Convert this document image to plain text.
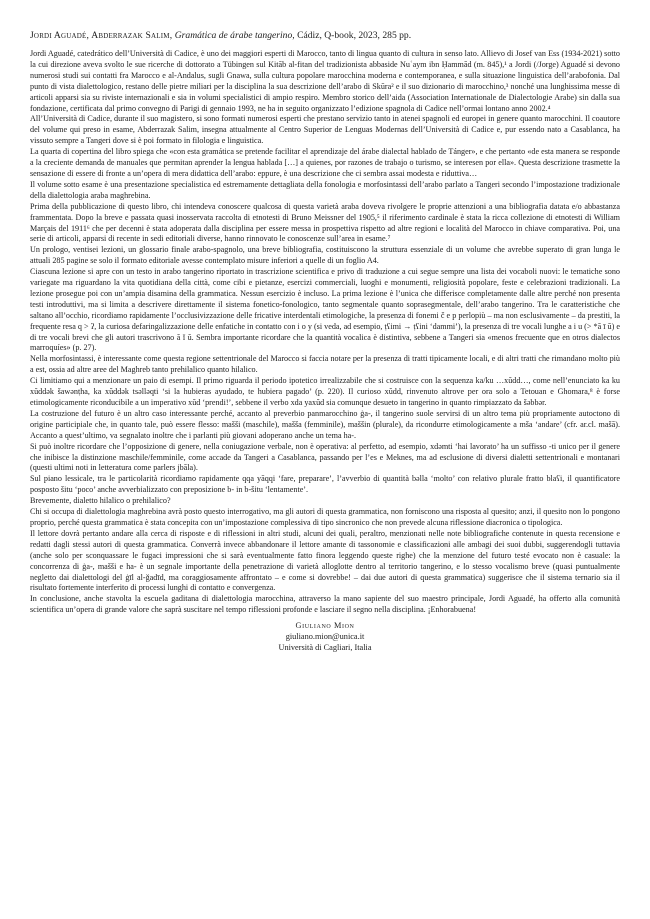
Jordi Aguadé, Abderrazak Salim, Gramática de árabe tangerino, Cádiz, Q-book, 2023, 285 pp.

Jordi Aguadé, catedrático dell’Università di Cadice, è uno dei maggiori esperti di Marocco, tanto di lingua quanto di cultura in senso lato. Allievo di Josef van Ess (1934-2021) sotto la cui direzione aveva svolto le sue ricerche di dottorato a Tübingen sul Kitāb al-fitan del tradizionista abbaside Nuʿaym ibn Ḥammād (m. 845),¹ a Jordi (/Jorge) Aguadé si devono numerosi studi sui contatti fra Marocco e al-Andalus, sugli Gnawa, sulla cultura popolare marocchina moderna e contemporanea, e sulla situazione linguistica dell’arabofonia. Dal punto di vista dialettologico, restano delle pietre miliari per la disciplina la sua descrizione dell’arabo di Skūra² e il suo dizionario di marocchino,³ nonché una lunghissima messe di articoli apparsi sia su riviste internazionali e sia in volumi specialistici di ampio respiro. Membro storico dell’aida (Association Internationale de Dialectologie Arabe) sin dalla sua fondazione, certificata dal primo convegno di Parigi di gennaio 1993, ne ha in seguito organizzato l’edizione spagnola di Cadice nell’ormai lontano anno 2002.⁴

All’Università di Cadice, durante il suo magistero, si sono formati numerosi esperti che prestano servizio tanto in atenei spagnoli ed europei in genere quanto marocchini. Il coautore del volume qui preso in esame, Abderrazak Salim, insegna attualmente al Centro Superior de Lenguas Modernas dell’Università di Cadice e, pur essendo nato a Casablanca, ha vissuto sempre a Tangeri dove si è poi formato in filologia e linguistica.

La quarta di copertina del libro spiega che «con esta gramática se pretende facilitar el aprendizaje del árabe dialectal hablado de Tánger», e che pertanto «de esta manera se responde a la creciente demanda de manuales que permitan aprender la lengua hablada […] a quienes, por razones de trabajo o turismo, se interesen por ella». Questa descrizione trasmette la sensazione di essere di fronte a un’opera di mera didattica dell’arabo: eppure, è una descrizione che ci sembra assai modesta e riduttiva…

Il volume sotto esame è una presentazione specialistica ed estremamente dettagliata della fonologia e morfosintassi dell’arabo parlato a Tangeri secondo l’impostazione tradizionale della dialettologia araba maghrebina.

Prima della pubblicazione di questo libro, chi intendeva conoscere qualcosa di questa varietà araba doveva rivolgere le proprie attenzioni a una bibliografia datata e/o abbastanza frammentata. Dopo la breve e passata quasi inosservata raccolta di etnotesti di Bruno Meissner del 1905,⁵ il riferimento cardinale è stata la ricca collezione di etnotesti di William Marçais del 1911⁶ che per decenni è stata adoperata dalla disciplina per essere messa in prospettiva rispetto ad altre regioni e località del Marocco in chiave comparativa. Poi, una serie di articoli, apparsi di recente in sedi editoriali diverse, hanno rinnovato le conoscenze sull’area in esame.⁷

Un prologo, ventisei lezioni, un glossario finale arabo-spagnolo, una breve bibliografia, costituiscono la struttura essenziale di un volume che avrebbe superato di gran lunga le attuali 285 pagine se solo il formato editoriale avesse contemplato misure inferiori a quelle di un foglio A4.

Ciascuna lezione si apre con un testo in arabo tangerino riportato in trascrizione scientifica e privo di traduzione a cui segue sempre una lista dei vocaboli nuovi: le tematiche sono variegate ma riguardano la vita quotidiana della città, come cibi e pietanze, esercizi commerciali, luoghi e monumenti, religiosità popolare, feste e celebrazioni tradizionali. La lezione prosegue poi con un’ampia disamina della grammatica. Nessun esercizio è incluso. La prima lezione è l’unica che differisce completamente dalle altre perché non presenta testi introduttivi, ma si limita a descrivere direttamente il sistema fonetico-fonologico, tanto segmentale quanto soprasegmentale, dell’arabo tangerino. Tra le caratteristiche che saltano all’occhio, ricordiamo rapidamente l’occlusivizzazione delle fricative interdentali etimologiche, la presenza di fonemi č e p perlopiù – ma non esclusivamente – da prestiti, la frequente resa q > ʔ, la curiosa defaringalizzazione delle enfatiche in contatto con i o y (si veda, ad esempio, ṭʕimi → ṭʕini ‘dammi’), la presenza di tre vocali lunghe a i u (> *ā ī ū) e di tre vocali brevi che gli autori trascrivono ă ĭ ŭ. Sembra importante ricordare che la quantità vocalica è distintiva, sebbene a Tangeri sia «menos frecuente que en otros dialectos marroquíes» (p. 27).

Nella morfosintassi, è interessante come questa regione settentrionale del Marocco si faccia notare per la presenza di tratti tipicamente locali, e di altri tratti che rimandano molto più a est, ossia ad altre aree del Maghreb tanto prehilalico quanto hilalico.

Ci limitiamo qui a menzionare un paio di esempi. Il primo riguarda il periodo ipotetico irrealizzabile che si costruisce con la sequenza ka/ku …xŭdd…, come nell’enunciato ka ku xŭddǝk šawǝnṭha, ka xŭddǝk tsǝllǝqti ‘si la hubieras ayudado, te hubiera pagado’ (p. 220). Il curioso xŭdd, rinvenuto altrove per ora solo a Tetouan e Ghomara,⁸ è forse etimologicamente riconducibile a un imperativo xŭd ‘prendi!’, sebbene il verbo xda yaxŭd sia comunque desueto in tangerino in quanto rimpiazzato da šǝbbǝr.

La costruzione del futuro è un altro caso interessante perché, accanto al preverbio panmarocchino ġa-, il tangerino suole servirsi di un altro tema più propriamente autoctono di origine participiale che, in quanto tale, può essere flesso: mašši (maschile), mašša (femminile), maššin (plurale), da ricondurre etimologicamente a mša ‘andare’ (cfr. ar.cl. mašā). Accanto a quest’ultimo, va segnalato inoltre che i parlanti più giovani adoperano anche un tema ha-.

Si può inoltre ricordare che l’opposizione di genere, nella coniugazione verbale, non è operativa: al perfetto, ad esempio, xdǝmti ‘hai lavorato’ ha un suffisso -ti unico per il genere che inibisce la distinzione maschile/femminile, come accade da Tangeri a Casablanca, passando per l’es e Meknes, ma ad esclusione di diversi dialetti settentrionali e montanari (questi ultimi noti in letteratura come parlers jbāla).

Sul piano lessicale, tra le particolarità ricordiamo rapidamente qqa yāqqi ‘fare, preparare’, l’avverbio di quantità bǝlla ‘molto’ con relativo plurale fratto blaʕi, il quantificatore posposto šitu ‘poco’ anche avverbializzato con preposizione b- in b-šitu ‘lentamente’.

Brevemente, dialetto hilalico o prehilalico?

Chi si occupa di dialettologia maghrebina avrà posto questo interrogativo, ma gli autori di questa grammatica, non forniscono una risposta al quesito; anzi, il quesito non lo pongono proprio, perché questa grammatica è stata concepita con un’impostazione complessiva di tipo sincronico che non prevede alcuna riflessione diacronica o tipologica.

Il lettore dovrà pertanto andare alla cerca di risposte e di riflessioni in altri studi, alcuni dei quali, peraltro, menzionati nelle note bibliografiche contenute in questa recensione e redatti dagli stessi autori di questa grammatica. Converrà invece abbandonare il lettore amante di tassonomie e classificazioni alle ambagi dei suoi dubbi, suggerendogli tuttavia (anche solo per sconquassare le fugaci impressioni che si sarà eventualmente fatto finora leggendo queste righe) che la menzione del futuro testé evocato non è casuale: la concorrenza di ġa-, mašši e ha- è un segnale importante della penetrazione di varietà alloglotte dentro al territorio tangerino, e lo stesso vocalismo breve (quasi puntualmente negletto dai dialettologi del ġīl al-ğadīd, ma coraggiosamente affrontato – e come si dovrebbe! – dai due autori di questa grammatica) suggerisce che il sistema ternario sia il risultato fortemente interferito di processi lunghi di contatto e convergenza.

In conclusione, anche stavolta la escuela gaditana di dialettologia marocchina, attraverso la mano sapiente del suo maestro principale, Jordi Aguadé, ha offerto alla comunità scientifica un’opera di grande valore che saprà suscitare nel tempo riflessioni profonde e lasciare il segno nella disciplina. ¡Enhorabuena!

Giuliano Mion
giuliano.mion@unica.it
Università di Cagliari, Italia
